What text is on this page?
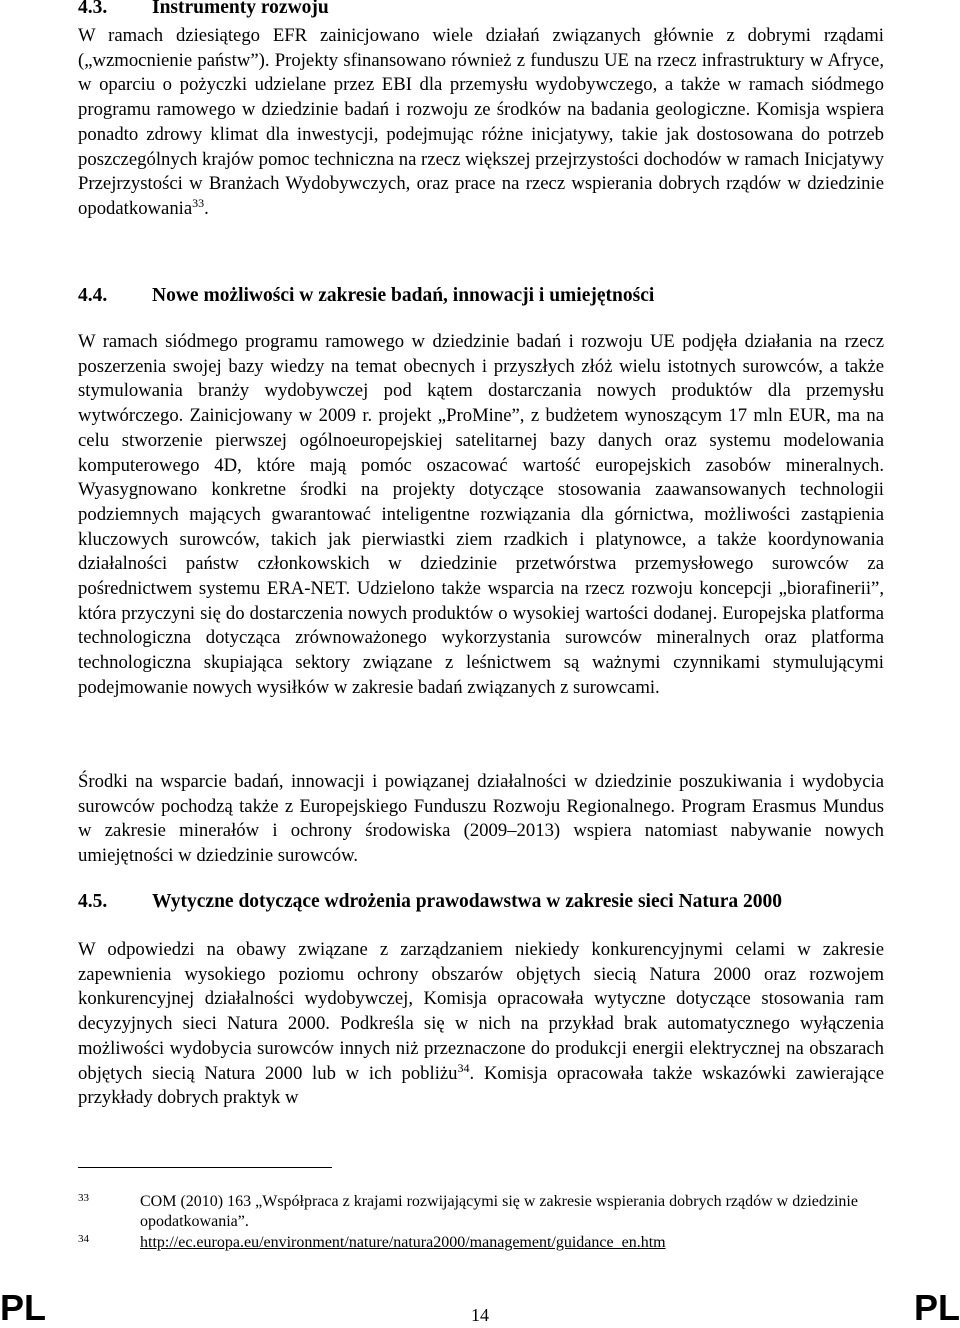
4.3. Instrumenty rozwoju

W ramach dziesiątego EFR zainicjowano wiele działań związanych głównie z dobrymi rządami („wzmocnienie państw”). Projekty sfinansowano również z funduszu UE na rzecz infrastruktury w Afryce, w oparciu o pożyczki udzielane przez EBI dla przemysłu wydobywczego, a także w ramach siódmego programu ramowego w dziedzinie badań i rozwoju ze środków na badania geologiczne. Komisja wspiera ponadto zdrowy klimat dla inwestycji, podejmując różne inicjatywy, takie jak dostosowana do potrzeb poszczególnych krajów pomoc techniczna na rzecz większej przejrzystości dochodów w ramach Inicjatywy Przejrzystości w Branżach Wydobywczych, oraz prace na rzecz wspierania dobrych rządów w dziedzinie opodatkowania$^{33}$.

4.4. Nowe możliwości w zakresie badań, innowacji i umiejętności

W ramach siódmego programu ramowego w dziedzinie badań i rozwoju UE podjęła działania na rzecz poszerzenia swojej bazy wiedzy na temat obecnych i przyszłych złóż wielu istotnych surowców, a także stymulowania branży wydobywczej pod kątem dostarczania nowych produktów dla przemysłu wytwórczego. Zainicjowany w 2009 r. projekt „ProMine”, z budżetem wynoszącym 17 mln EUR, ma na celu stworzenie pierwszej ogólnoeuropejskiej satelitarnej bazy danych oraz systemu modelowania komputerowego 4D, które mają pomóc oszacować wartość europejskich zasobów mineralnych. Wyasygnowano konkretne środki na projekty dotyczące stosowania zaawansowanych technologii podziemnych mających gwarantować inteligentne rozwiązania dla górnictwa, możliwości zastąpienia kluczowych surowców, takich jak pierwiastki ziem rzadkich i platynowce, a także koordynowania działalności państw członkowskich w dziedzinie przetwórstwa przemysłowego surowców za pośrednictwem systemu ERA-NET. Udzielono także wsparcia na rzecz rozwoju koncepcji „biorafinerii”, która przyczyni się do dostarczenia nowych produktów o wysokiej wartości dodanej. Europejska platforma technologiczna dotycząca zrównoważonego wykorzystania surowców mineralnych oraz platforma technologiczna skupiająca sektory związane z leśnictwem są ważnymi czynnikami stymulującymi podejmowanie nowych wysiłków w zakresie badań związanych z surowcami.

Środki na wsparcie badań, innowacji i powiązanej działalności w dziedzinie poszukiwania i wydobycia surowców pochodzą także z Europejskiego Funduszu Rozwoju Regionalnego. Program Erasmus Mundus w zakresie minerałów i ochrony środowiska (2009–2013) wspiera natomiast nabywanie nowych umiejętności w dziedzinie surowców.

4.5. Wytyczne dotyczące wdrożenia prawodawstwa w zakresie sieci Natura 2000

W odpowiedzi na obawy związane z zarządzaniem niekiedy konkurencyjnymi celami w zakresie zapewnienia wysokiego poziomu ochrony obszarów objętych siecią Natura 2000 oraz rozwojem konkurencyjnej działalności wydobywczej, Komisja opracowała wytyczne dotyczące stosowania ram decyzyjnych sieci Natura 2000. Podkreśla się w nich na przykład brak automatycznego wyłączenia możliwości wydobycia surowców innych niż przeznaczone do produkcji energii elektrycznej na obszarach objętych siecią Natura 2000 lub w ich pobliżu$^{34}$. Komisja opracowała także wskazówki zawierające przykłady dobrych praktyk w

33	COM (2010) 163 „Współpraca z krajami rozwijającymi się w zakresie wspierania dobrych rządów w dziedzinie opodatkowania”.
34	http://ec.europa.eu/environment/nature/natura2000/management/guidance_en.htm
PL	14	PL
